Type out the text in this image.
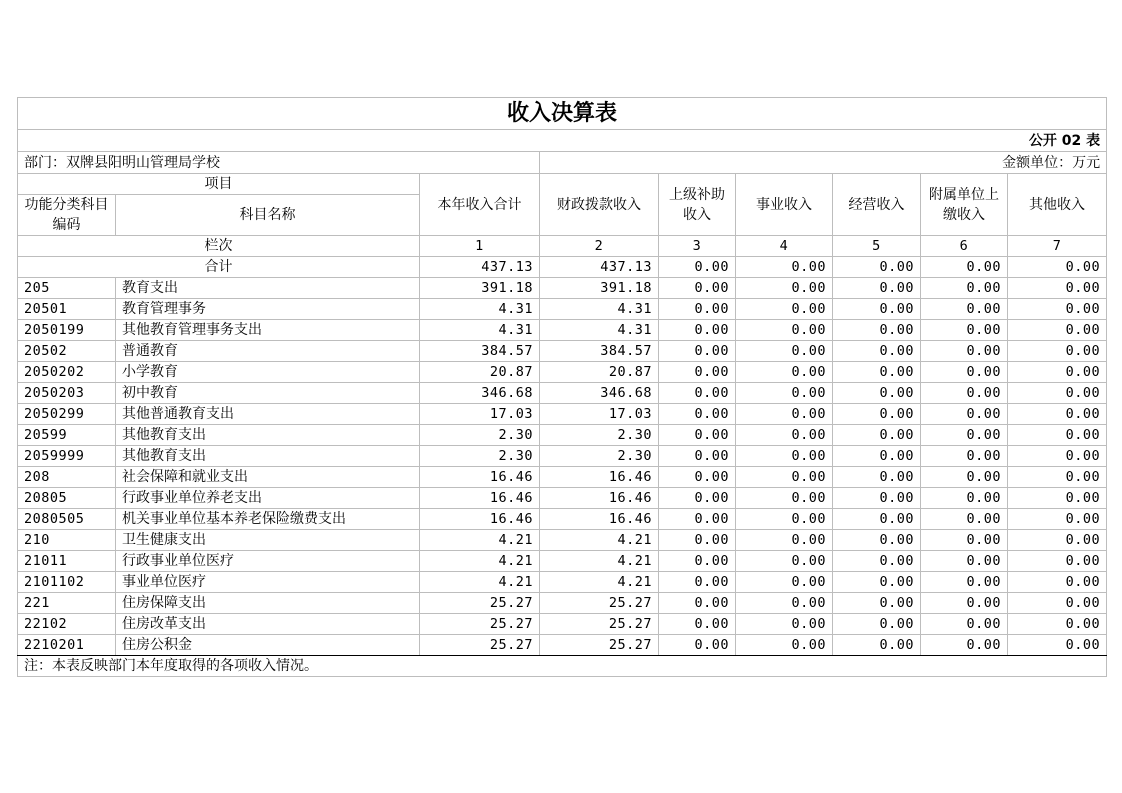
收入决算表								
公开 02 表								
部门：双牌县阳明山管理局学校			金额单位：万元					
项目		本年收入合计	财政拨款收入	上级补助收入	事业收入	经营收入	附属单位上缴收入	其他收入
功能分类科目编码	科目名称							
栏次		1	2	3	4	5	6	7
合计		437.13	437.13	0.00	0.00	0.00	0.00	0.00
205	教育支出	391.18	391.18	0.00	0.00	0.00	0.00	0.00
20501	教育管理事务	4.31	4.31	0.00	0.00	0.00	0.00	0.00
2050199	其他教育管理事务支出	4.31	4.31	0.00	0.00	0.00	0.00	0.00
20502	普通教育	384.57	384.57	0.00	0.00	0.00	0.00	0.00
2050202	小学教育	20.87	20.87	0.00	0.00	0.00	0.00	0.00
2050203	初中教育	346.68	346.68	0.00	0.00	0.00	0.00	0.00
2050299	其他普通教育支出	17.03	17.03	0.00	0.00	0.00	0.00	0.00
20599	其他教育支出	2.30	2.30	0.00	0.00	0.00	0.00	0.00
2059999	其他教育支出	2.30	2.30	0.00	0.00	0.00	0.00	0.00
208	社会保障和就业支出	16.46	16.46	0.00	0.00	0.00	0.00	0.00
20805	行政事业单位养老支出	16.46	16.46	0.00	0.00	0.00	0.00	0.00
2080505	机关事业单位基本养老保险缴费支出	16.46	16.46	0.00	0.00	0.00	0.00	0.00
210	卫生健康支出	4.21	4.21	0.00	0.00	0.00	0.00	0.00
21011	行政事业单位医疗	4.21	4.21	0.00	0.00	0.00	0.00	0.00
2101102	事业单位医疗	4.21	4.21	0.00	0.00	0.00	0.00	0.00
221	住房保障支出	25.27	25.27	0.00	0.00	0.00	0.00	0.00
22102	住房改革支出	25.27	25.27	0.00	0.00	0.00	0.00	0.00
2210201	住房公积金	25.27	25.27	0.00	0.00	0.00	0.00	0.00
注：本表反映部门本年度取得的各项收入情况。								
